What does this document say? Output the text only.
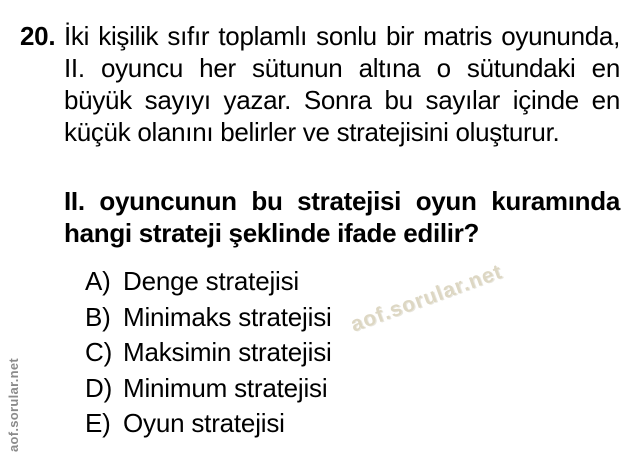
20. İki kişilik sıfır toplamlı sonlu bir matris oyununda,
II. oyuncu her sütunun altına o sütundaki en
büyük sayıyı yazar. Sonra bu sayılar içinde en
küçük olanını belirler ve stratejisini oluşturur.
II. oyuncunun bu stratejisi oyun kuramında
hangi strateji şeklinde ifade edilir?
A) Denge stratejisi
B) Minimaks stratejisi
C) Maksimin stratejisi
D) Minimum stratejisi
E) Oyun stratejisi
aof.sorular.net
aof.sorular.net
